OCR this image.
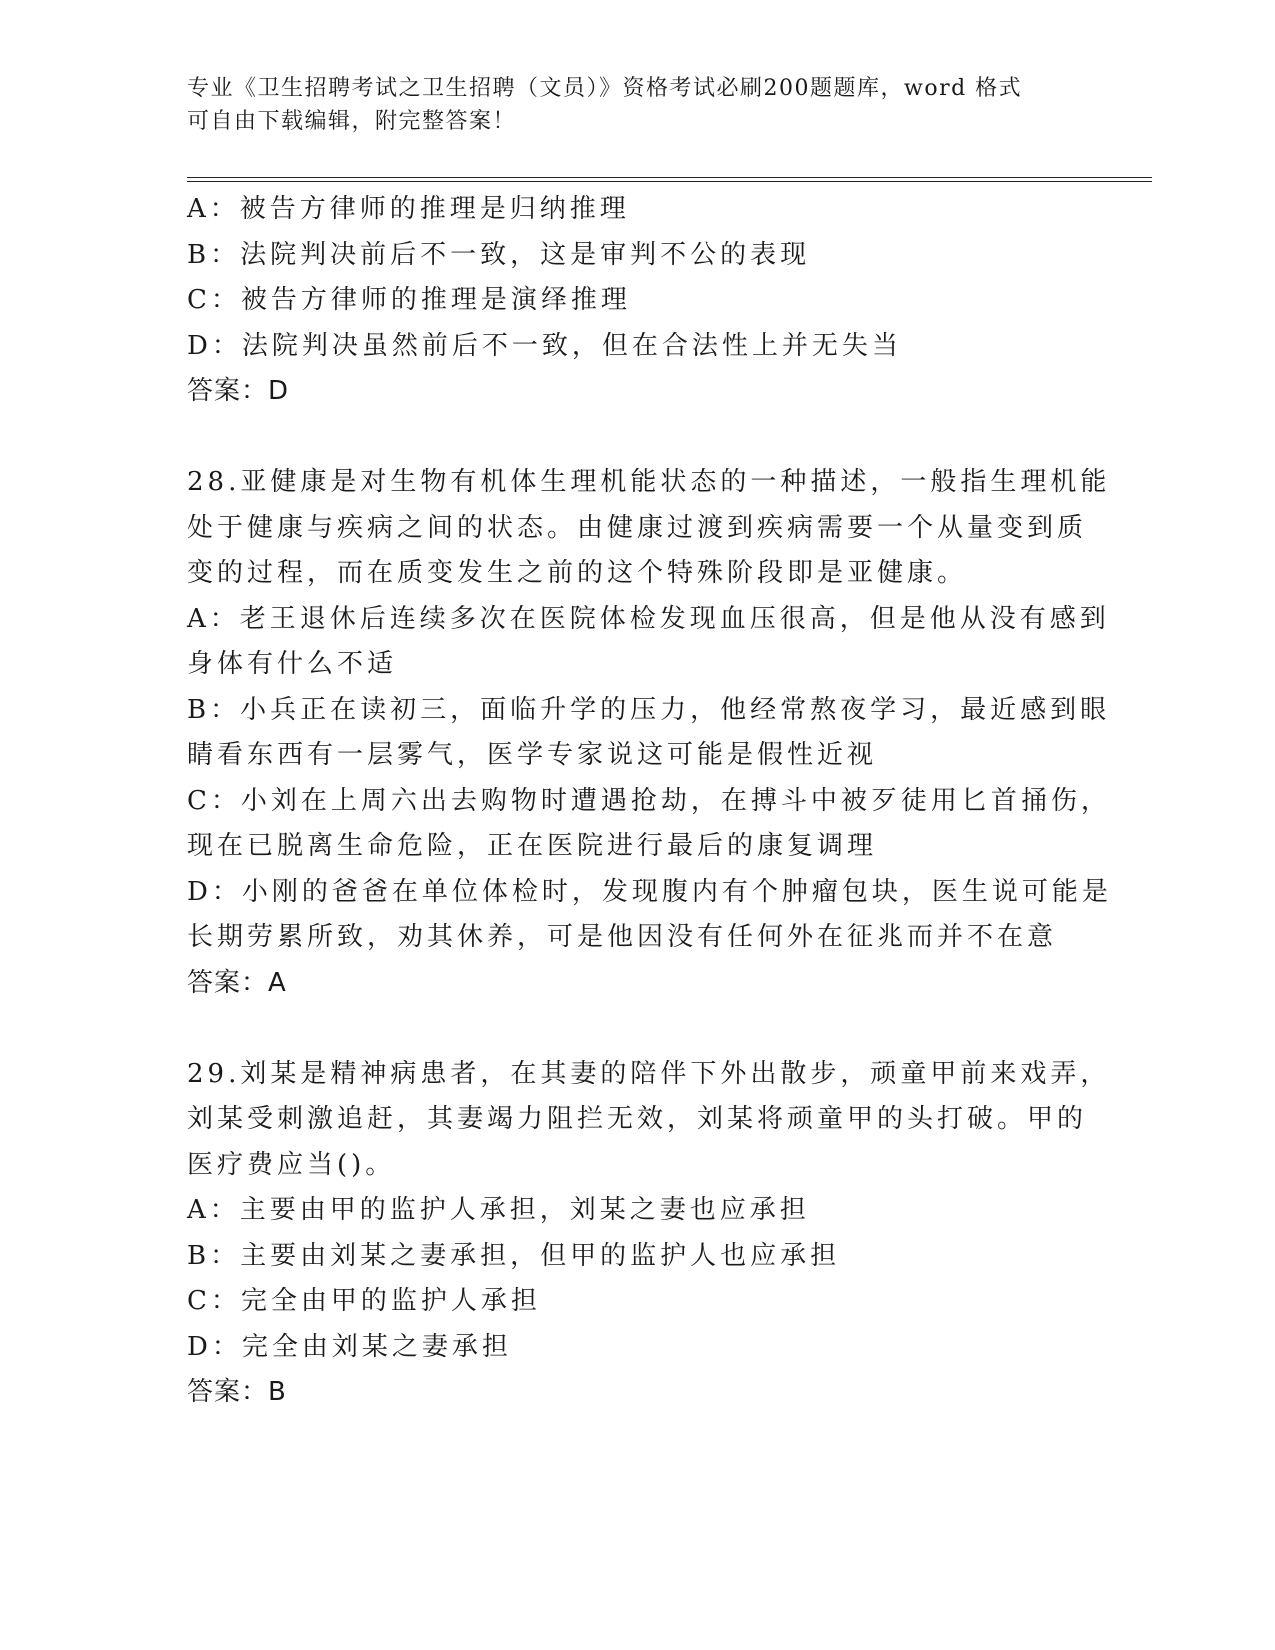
专业《卫生招聘考试之卫生招聘（文员）》资格考试必刷200题题库，word 格式
可自由下载编辑，附完整答案！
A：被告方律师的推理是归纳推理
B：法院判决前后不一致，这是审判不公的表现
C：被告方律师的推理是演绎推理
D：法院判决虽然前后不一致，但在合法性上并无失当
答案：D
28.亚健康是对生物有机体生理机能状态的一种描述，一般指生理机能
处于健康与疾病之间的状态。由健康过渡到疾病需要一个从量变到质
变的过程，而在质变发生之前的这个特殊阶段即是亚健康。
A：老王退休后连续多次在医院体检发现血压很高，但是他从没有感到
身体有什么不适
B：小兵正在读初三，面临升学的压力，他经常熬夜学习，最近感到眼
睛看东西有一层雾气，医学专家说这可能是假性近视
C：小刘在上周六出去购物时遭遇抢劫，在搏斗中被歹徒用匕首捅伤，
现在已脱离生命危险，正在医院进行最后的康复调理
D：小刚的爸爸在单位体检时，发现腹内有个肿瘤包块，医生说可能是
长期劳累所致，劝其休养，可是他因没有任何外在征兆而并不在意
答案：A
29.刘某是精神病患者，在其妻的陪伴下外出散步，顽童甲前来戏弄，
刘某受刺激追赶，其妻竭力阻拦无效，刘某将顽童甲的头打破。甲的
医疗费应当()。
A：主要由甲的监护人承担，刘某之妻也应承担
B：主要由刘某之妻承担，但甲的监护人也应承担
C：完全由甲的监护人承担
D：完全由刘某之妻承担
答案：B
